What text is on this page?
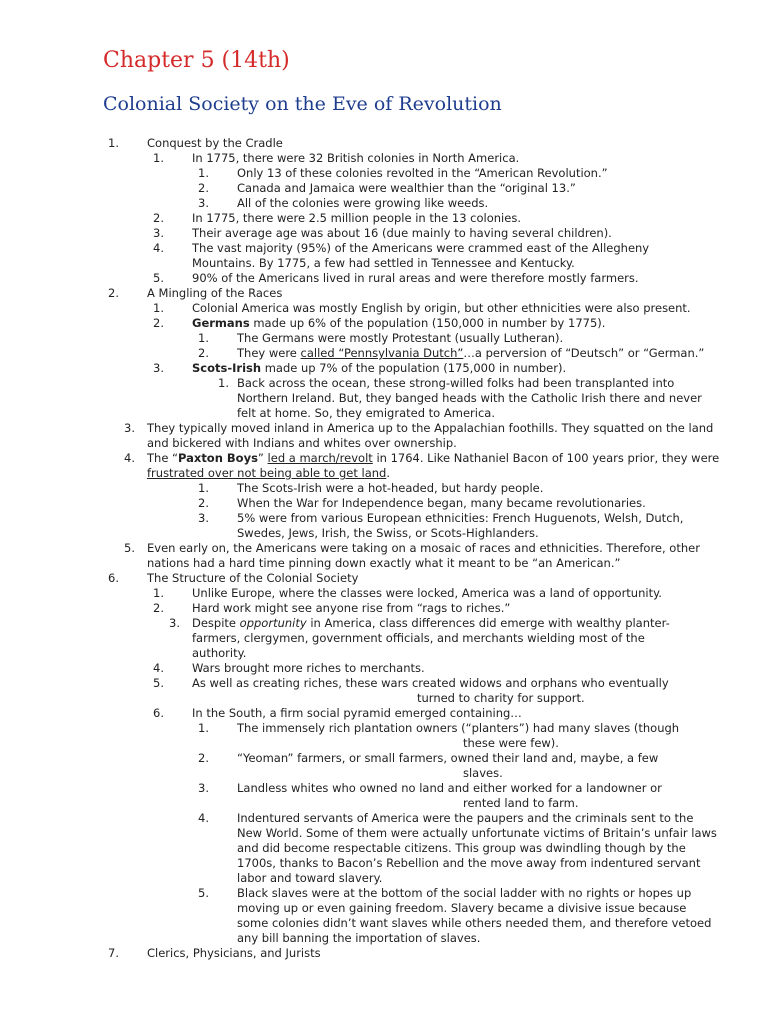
Chapter 5 (14th)
Colonial Society on the Eve of Revolution
1. Conquest by the Cradle
1. In 1775, there were 32 British colonies in North America.
1. Only 13 of these colonies revolted in the “American Revolution.”
2. Canada and Jamaica were wealthier than the “original 13.”
3. All of the colonies were growing like weeds.
2. In 1775, there were 2.5 million people in the 13 colonies.
3. Their average age was about 16 (due mainly to having several children).
4. The vast majority (95%) of the Americans were crammed east of the Allegheny Mountains. By 1775, a few had settled in Tennessee and Kentucky.
5. 90% of the Americans lived in rural areas and were therefore mostly farmers.
2. A Mingling of the Races
1. Colonial America was mostly English by origin, but other ethnicities were also present.
2. Germans made up 6% of the population (150,000 in number by 1775).
1. The Germans were mostly Protestant (usually Lutheran).
2. They were called “Pennsylvania Dutch”…a perversion of “Deutsch” or “German.”
3. Scots-Irish made up 7% of the population (175,000 in number).
1. Back across the ocean, these strong-willed folks had been transplanted into Northern Ireland. But, they banged heads with the Catholic Irish there and never felt at home. So, they emigrated to America.
3. They typically moved inland in America up to the Appalachian foothills. They squatted on the land and bickered with Indians and whites over ownership.
4. The “Paxton Boys” led a march/revolt in 1764. Like Nathaniel Bacon of 100 years prior, they were frustrated over not being able to get land.
1. The Scots-Irish were a hot-headed, but hardy people.
2. When the War for Independence began, many became revolutionaries.
3. 5% were from various European ethnicities: French Huguenots, Welsh, Dutch, Swedes, Jews, Irish, the Swiss, or Scots-Highlanders.
5. Even early on, the Americans were taking on a mosaic of races and ethnicities. Therefore, other nations had a hard time pinning down exactly what it meant to be “an American.”
6. The Structure of the Colonial Society
1. Unlike Europe, where the classes were locked, America was a land of opportunity.
2. Hard work might see anyone rise from “rags to riches.”
3. Despite opportunity in America, class differences did emerge with wealthy planter-farmers, clergymen, government officials, and merchants wielding most of the authority.
4. Wars brought more riches to merchants.
5. As well as creating riches, these wars created widows and orphans who eventually
turned to charity for support.
6. In the South, a firm social pyramid emerged containing…
1. The immensely rich plantation owners (“planters”) had many slaves (though
these were few).
2. “Yeoman” farmers, or small farmers, owned their land and, maybe, a few
slaves.
3. Landless whites who owned no land and either worked for a landowner or
rented land to farm.
4. Indentured servants of America were the paupers and the criminals sent to the New World. Some of them were actually unfortunate victims of Britain’s unfair laws and did become respectable citizens. This group was dwindling though by the 1700s, thanks to Bacon’s Rebellion and the move away from indentured servant labor and toward slavery.
5. Black slaves were at the bottom of the social ladder with no rights or hopes up moving up or even gaining freedom. Slavery became a divisive issue because some colonies didn’t want slaves while others needed them, and therefore vetoed any bill banning the importation of slaves.
7. Clerics, Physicians, and Jurists
